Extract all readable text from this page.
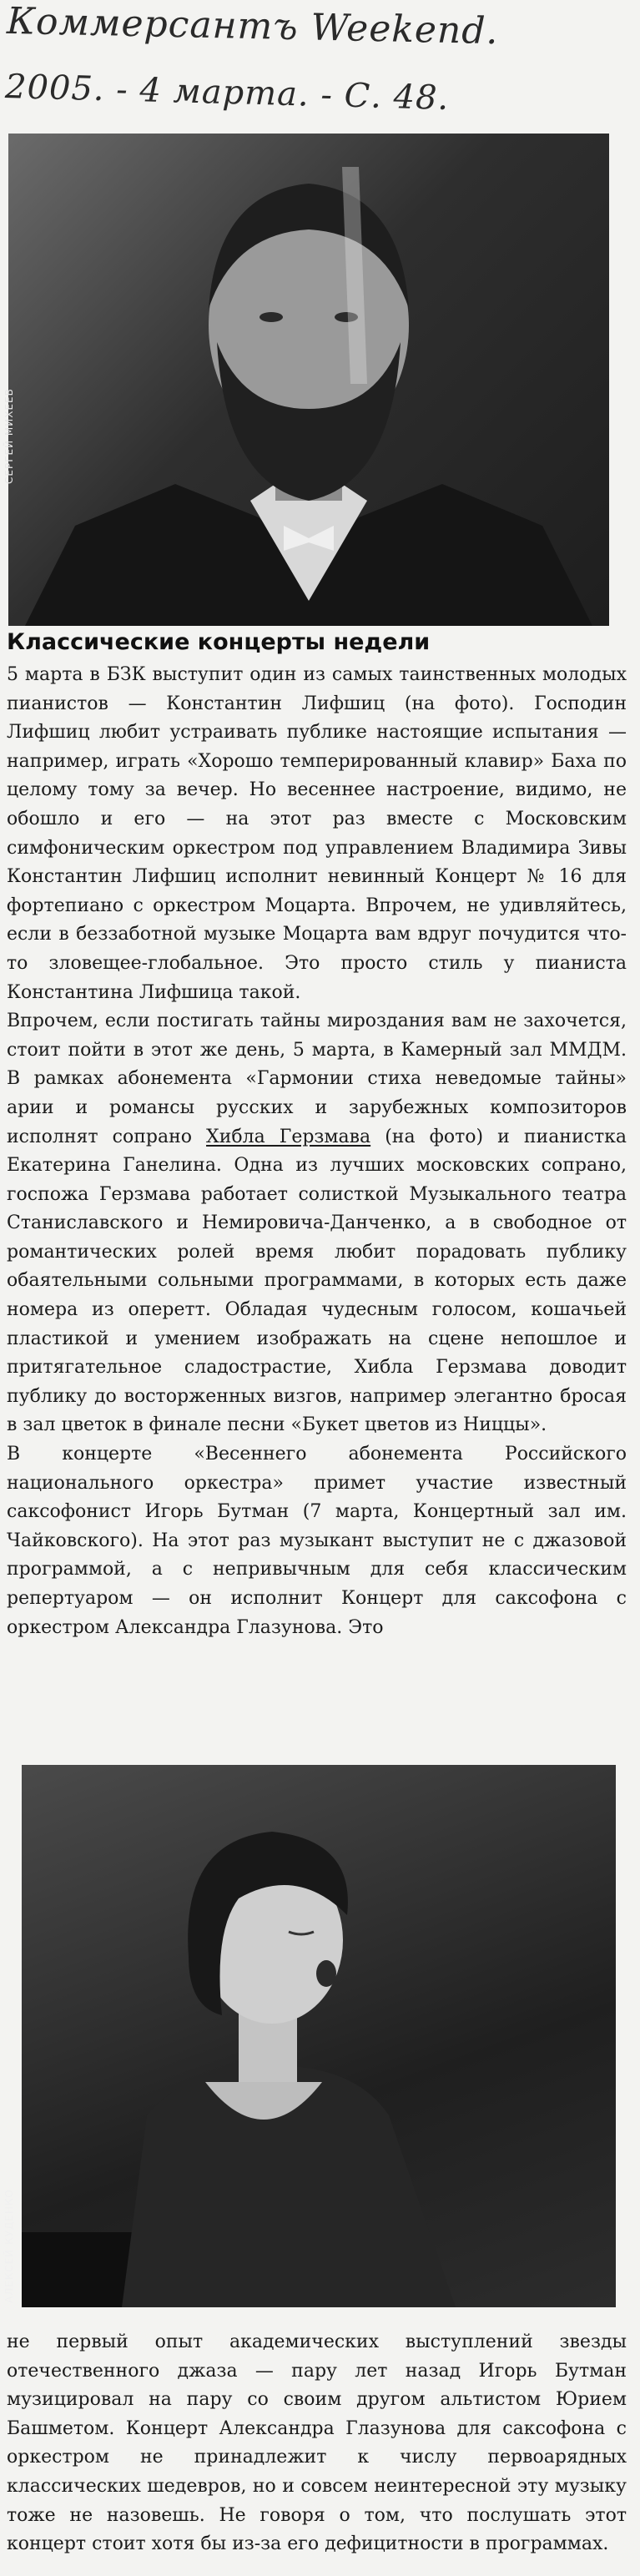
Коммерсантъ Weekend.
2005. - 4 марта. - С. 48.
СЕРГЕЙ МИХЕЕВ
Классические концерты недели

5 марта в БЗК выступит один из самых таинственных молодых пианистов — Константин Лифшиц (на фото). Господин Лифшиц любит устраивать публике настоящие испытания — например, играть «Хорошо темперированный клавир» Баха по целому тому за вечер. Но весеннее настроение, видимо, не обошло и его — на этот раз вместе с Московским симфоническим оркестром под управлением Владимира Зивы Константин Лифшиц исполнит невинный Концерт № 16 для фортепиано с оркестром Моцарта. Впрочем, не удивляйтесь, если в беззаботной музыке Моцарта вам вдруг почудится что-то зловещее-глобальное. Это просто стиль у пианиста Константина Лифшица такой.

Впрочем, если постигать тайны мироздания вам не захочется, стоит пойти в этот же день, 5 марта, в Камерный зал ММДМ. В рамках абонемента «Гармонии стиха неведомые тайны» арии и романсы русских и зарубежных композиторов исполнят сопрано Хибла Герзмава (на фото) и пианистка Екатерина Ганелина. Одна из лучших московских сопрано, госпожа Герзмава работает солисткой Музыкального театра Станиславского и Немировича-Данченко, а в свободное от романтических ролей время любит порадовать публику обаятельными сольными программами, в которых есть даже номера из оперетт. Обладая чудесным голосом, кошачьей пластикой и умением изображать на сцене непошлое и притягательное сладострастие, Хибла Герзмава доводит публику до восторженных визгов, например элегантно бросая в зал цветок в финале песни «Букет цветов из Ниццы».

В концерте «Весеннего абонемента Российского национального оркестра» примет участие известный саксофонист Игорь Бутман (7 марта, Концертный зал им. Чайковского). На этот раз музыкант выступит не с джазовой программой, а с непривычным для себя классическим репертуаром — он исполнит Концерт для саксофона с оркестром Александра Глазунова. Это

АЛЕКСЕЙ КУДЕНКО

не первый опыт академических выступлений звезды отечественного джаза — пару лет назад Игорь Бутман музицировал на пару со своим другом альтистом Юрием Башметом. Концерт Александра Глазунова для саксофона с оркестром не принадлежит к числу первоарядных классических шедевров, но и совсем неинтересной эту музыку тоже не назовешь. Не говоря о том, что послушать этот концерт стоит хотя бы из-за его дефицитности в программах.
